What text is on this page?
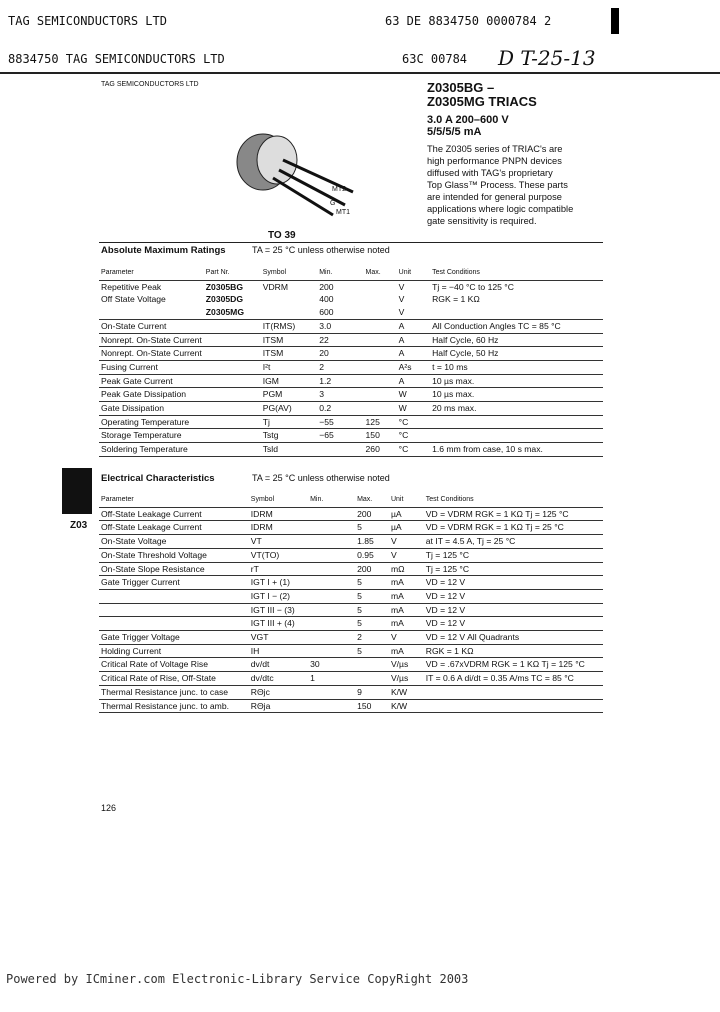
TAG SEMICONDUCTORS LTD	63 DE 8834750 0000784 2
8834750 TAG SEMICONDUCTORS LTD	63C 00784 D T-25-13
TAG SEMICONDUCTORS LTD	Z0305BG –
Z0305MG TRIACS
3.0 A 200–600 V
5/5/5/5 mA
The Z0305 series of TRIAC's are
high performance PNPN devices
diffused with TAG's proprietary
Top Glass™ Process. These parts
are intended for general purpose
applications where logic compatible
gate sensitivity is required.
MT2
G
MT1
TO 39
Absolute Maximum Ratings	TA = 25 °C unless otherwise noted
Parameter	Part Nr.	Symbol	Min.	Max.	Unit	Test Conditions
Repetitive Peak	Z0305BG	VDRM	200		V	Tj = −40 °C to 125 °C
Off State Voltage	Z0305DG		400		V	RGK = 1 KΩ
	Z0305MG		600		V	
On-State Current		IT(RMS)	3.0		A	All Conduction Angles TC = 85 °C
Nonrept. On-State Current		ITSM	22		A	Half Cycle, 60 Hz
Nonrept. On-State Current		ITSM	20		A	Half Cycle, 50 Hz
Fusing Current		I²t	2		A²s	t = 10 ms
Peak Gate Current		IGM	1.2		A	10 µs max.
Peak Gate Dissipation		PGM	3		W	10 µs max.
Gate Dissipation		PG(AV)	0.2		W	20 ms max.
Operating Temperature		Tj	−55	125	°C	
Storage Temperature		Tstg	−65	150	°C	
Soldering Temperature		Tsld		260	°C	1.6 mm from case, 10 s max.
Z03
Electrical Characteristics	TA = 25 °C unless otherwise noted
Parameter	Symbol	Min.	Max.	Unit	Test Conditions
Off-State Leakage Current	IDRM		200	µA	VD = VDRM RGK = 1 KΩ Tj = 125 °C
Off-State Leakage Current	IDRM		5	µA	VD = VDRM RGK = 1 KΩ Tj = 25 °C
On-State Voltage	VT		1.85	V	at IT = 4.5 A, Tj = 25 °C
On-State Threshold Voltage	VT(TO)		0.95	V	Tj = 125 °C
On-State Slope Resistance	rT		200	mΩ	Tj = 125 °C
Gate Trigger Current	IGT I + (1)		5	mA	VD = 12 V
	IGT I − (2)		5	mA	VD = 12 V
	IGT III − (3)		5	mA	VD = 12 V
	IGT III + (4)		5	mA	VD = 12 V
Gate Trigger Voltage	VGT		2	V	VD = 12 V All Quadrants
Holding Current	IH		5	mA	RGK = 1 KΩ
Critical Rate of Voltage Rise	dv/dt	30		V/µs	VD = .67xVDRM RGK = 1 KΩ Tj = 125 °C
Critical Rate of Rise, Off-State	dv/dtc	1		V/µs	IT = 0.6 A di/dt = 0.35 A/ms TC = 85 °C
Thermal Resistance junc. to case	RΘjc		9	K/W	
Thermal Resistance junc. to amb.	RΘja		150	K/W	
126
Powered by ICminer.com Electronic-Library Service CopyRight 2003
